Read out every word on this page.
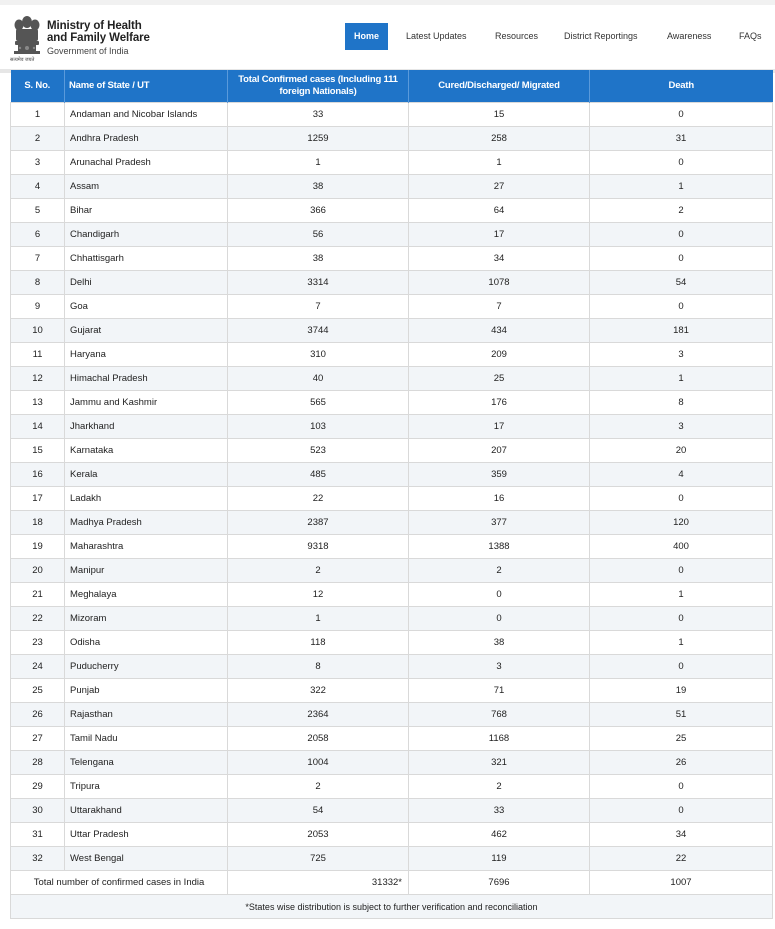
सत्यमेव जयते
Ministry of Health
and Family Welfare
Government of India
Home	Latest Updates	Resources	District Reportings	Awareness	FAQs
S. No.	Name of State / UT	Total Confirmed cases (Including 111 foreign Nationals)	Cured/Discharged/ Migrated	Death
1	Andaman and Nicobar Islands	33	15	0
2	Andhra Pradesh	1259	258	31
3	Arunachal Pradesh	1	1	0
4	Assam	38	27	1
5	Bihar	366	64	2
6	Chandigarh	56	17	0
7	Chhattisgarh	38	34	0
8	Delhi	3314	1078	54
9	Goa	7	7	0
10	Gujarat	3744	434	181
11	Haryana	310	209	3
12	Himachal Pradesh	40	25	1
13	Jammu and Kashmir	565	176	8
14	Jharkhand	103	17	3
15	Karnataka	523	207	20
16	Kerala	485	359	4
17	Ladakh	22	16	0
18	Madhya Pradesh	2387	377	120
19	Maharashtra	9318	1388	400
20	Manipur	2	2	0
21	Meghalaya	12	0	1
22	Mizoram	1	0	0
23	Odisha	118	38	1
24	Puducherry	8	3	0
25	Punjab	322	71	19
26	Rajasthan	2364	768	51
27	Tamil Nadu	2058	1168	25
28	Telengana	1004	321	26
29	Tripura	2	2	0
30	Uttarakhand	54	33	0
31	Uttar Pradesh	2053	462	34
32	West Bengal	725	119	22
Total number of confirmed cases in India		31332*	7696	1007
*States wise distribution is subject to further verification and reconciliation				
